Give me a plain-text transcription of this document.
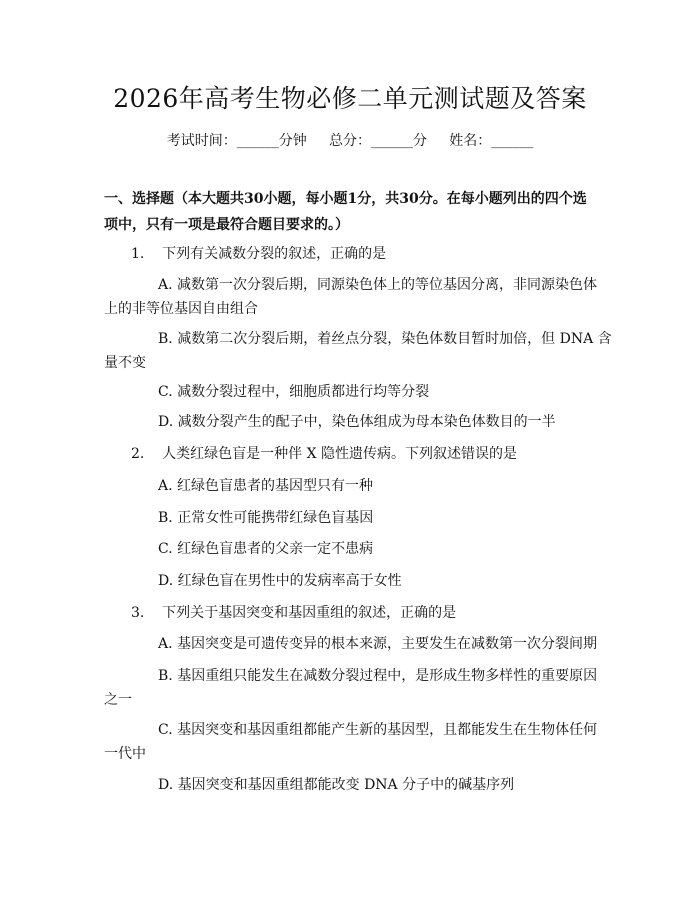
2026年高考生物必修二单元测试题及答案
考试时间：______分钟     总分：______分     姓名：______
一、选择题（本大题共30小题，每小题1分，共30分。在每小题列出的四个选项中，只有一项是最符合题目要求的。）
1. 下列有关减数分裂的叙述，正确的是
A. 减数第一次分裂后期，同源染色体上的等位基因分离，非同源染色体
上的非等位基因自由组合
B. 减数第二次分裂后期，着丝点分裂，染色体数目暂时加倍，但 DNA 含
量不变
C. 减数分裂过程中，细胞质都进行均等分裂
D. 减数分裂产生的配子中，染色体组成为母本染色体数目的一半
2. 人类红绿色盲是一种伴 X 隐性遗传病。下列叙述错误的是
A. 红绿色盲患者的基因型只有一种
B. 正常女性可能携带红绿色盲基因
C. 红绿色盲患者的父亲一定不患病
D. 红绿色盲在男性中的发病率高于女性
3. 下列关于基因突变和基因重组的叙述，正确的是
A. 基因突变是可遗传变异的根本来源，主要发生在减数第一次分裂间期
B. 基因重组只能发生在减数分裂过程中，是形成生物多样性的重要原因
之一
C. 基因突变和基因重组都能产生新的基因型，且都能发生在生物体任何
一代中
D. 基因突变和基因重组都能改变 DNA 分子中的碱基序列
